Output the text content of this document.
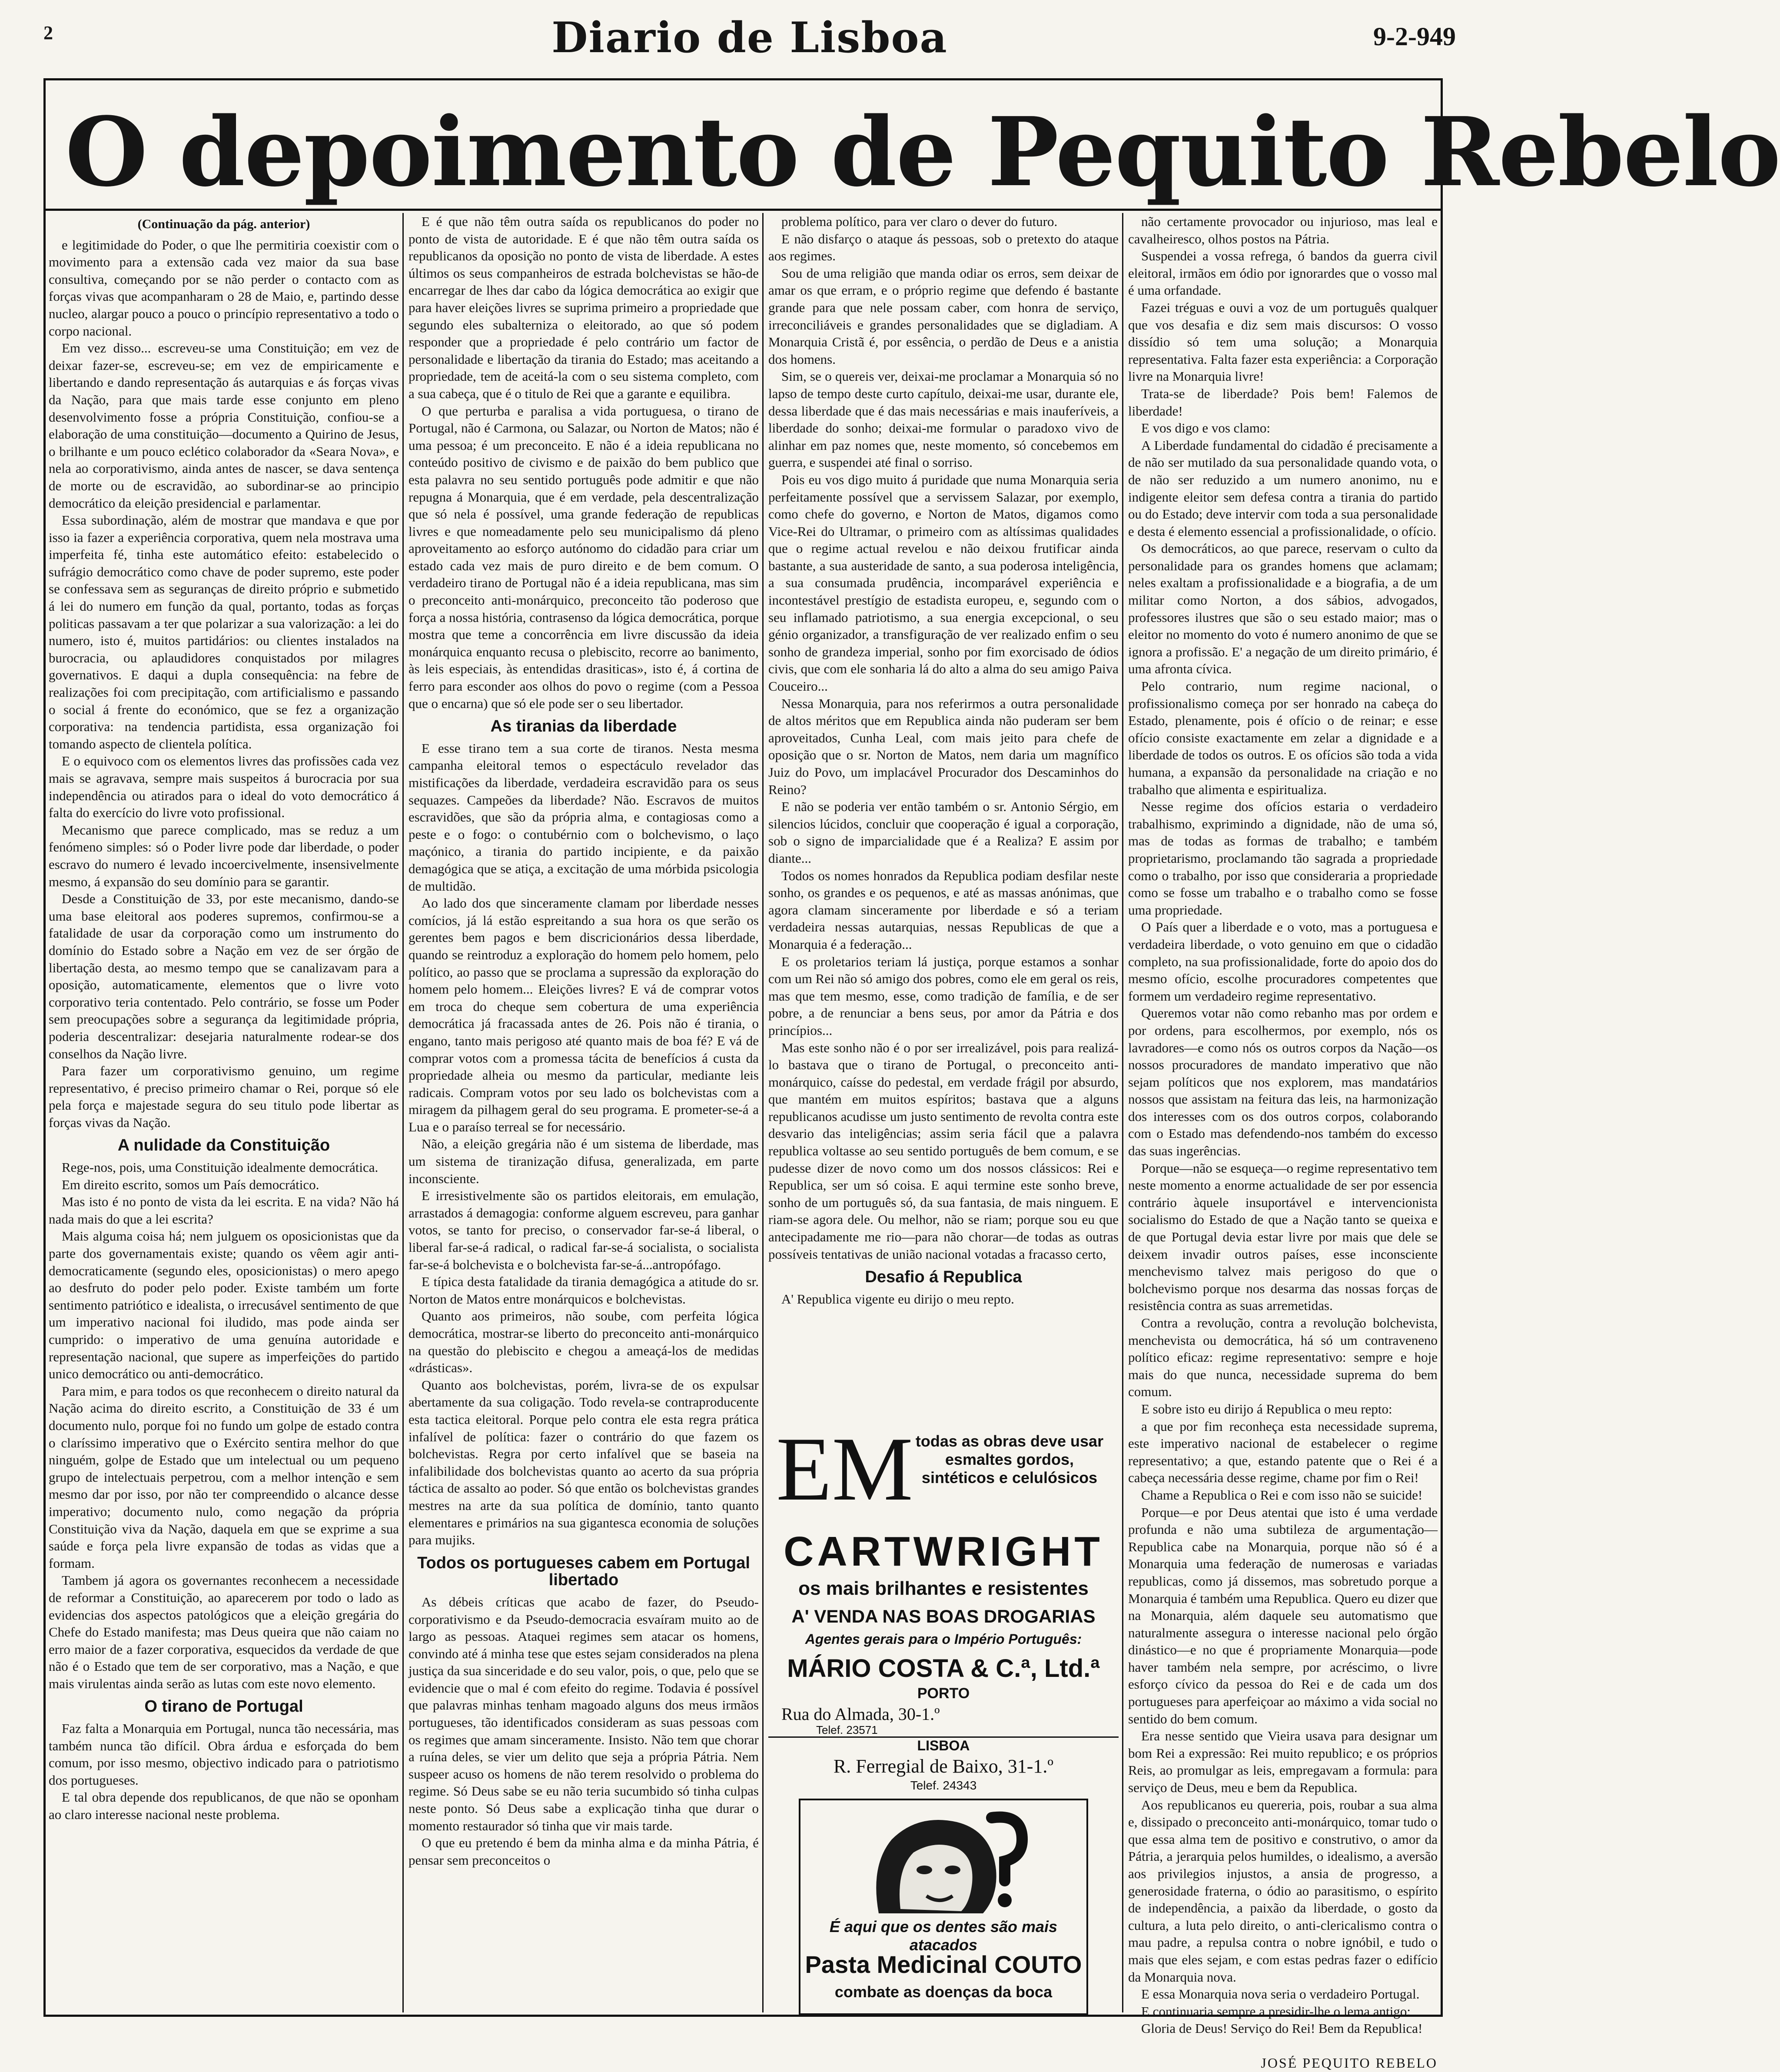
2	Diario de Lisboa	9-2-949
O depoimento de Pequito Rebelo
(Continuação da pág. anterior)

e legitimidade do Poder, o que lhe permitiria coexistir com o movimento para a extensão cada vez maior da sua base consultiva, começando por se não perder o contacto com as forças vivas que acompanharam o 28 de Maio, e, partindo desse nucleo, alargar pouco a pouco o princípio representativo a todo o corpo nacional.

Em vez disso... escreveu-se uma Constituição; em vez de deixar fazer-se, escreveu-se; em vez de empiricamente e libertando e dando representação ás autarquias e ás forças vivas da Nação, para que mais tarde esse conjunto em pleno desenvolvimento fosse a própria Constituição, confiou-se a elaboração de uma constituição—documento a Quirino de Jesus, o brilhante e um pouco eclético colaborador da «Seara Nova», e nela ao corporativismo, ainda antes de nascer, se dava sentença de morte ou de escravidão, ao subordinar-se ao principio democrático da eleição presidencial e parlamentar.

Essa subordinação, além de mostrar que mandava e que por isso ia fazer a experiência corporativa, quem nela mostrava uma imperfeita fé, tinha este automático efeito: estabelecido o sufrágio democrático como chave de poder supremo, este poder se confessava sem as seguranças de direito próprio e submetido á lei do numero em função da qual, portanto, todas as forças politicas passavam a ter que polarizar a sua valorização: a lei do numero, isto é, muitos partidários: ou clientes instalados na burocracia, ou aplaudidores conquistados por milagres governativos. E daqui a dupla consequência: na febre de realizações foi com precipitação, com artificialismo e passando o social á frente do económico, que se fez a organização corporativa: na tendencia partidista, essa organização foi tomando aspecto de clientela política.

E o equivoco com os elementos livres das profissões cada vez mais se agravava, sempre mais suspeitos á burocracia por sua independência ou atirados para o ideal do voto democrático á falta do exercício do livre voto profissional.

Mecanismo que parece complicado, mas se reduz a um fenómeno simples: só o Poder livre pode dar liberdade, o poder escravo do numero é levado incoercivelmente, insensivelmente mesmo, á expansão do seu domínio para se garantir.

Desde a Constituição de 33, por este mecanismo, dando-se uma base eleitoral aos poderes supremos, confirmou-se a fatalidade de usar da corporação como um instrumento do domínio do Estado sobre a Nação em vez de ser órgão de libertação desta, ao mesmo tempo que se canalizavam para a oposição, automaticamente, elementos que o livre voto corporativo teria contentado. Pelo contrário, se fosse um Poder sem preocupações sobre a segurança da legitimidade própria, poderia descentralizar: desejaria naturalmente rodear-se dos conselhos da Nação livre.

Para fazer um corporativismo genuino, um regime representativo, é preciso primeiro chamar o Rei, porque só ele pela força e majestade segura do seu titulo pode libertar as forças vivas da Nação.

A nulidade da Constituição

Rege-nos, pois, uma Constituição idealmente democrática.

Em direito escrito, somos um País democrático.

Mas isto é no ponto de vista da lei escrita. E na vida? Não há nada mais do que a lei escrita?

Mais alguma coisa há; nem julguem os oposicionistas que da parte dos governamentais existe; quando os vêem agir anti-democraticamente (segundo eles, oposicionistas) o mero apego ao desfruto do poder pelo poder. Existe também um forte sentimento patriótico e idealista, o irrecusável sentimento de que um imperativo nacional foi iludido, mas pode ainda ser cumprido: o imperativo de uma genuína autoridade e representação nacional, que supere as imperfeições do partido unico democrático ou anti-democrático.

Para mim, e para todos os que reconhecem o direito natural da Nação acima do direito escrito, a Constituição de 33 é um documento nulo, porque foi no fundo um golpe de estado contra o claríssimo imperativo que o Exército sentira melhor do que ninguém, golpe de Estado que um intelectual ou um pequeno grupo de intelectuais perpetrou, com a melhor intenção e sem mesmo dar por isso, por não ter compreendido o alcance desse imperativo; documento nulo, como negação da própria Constituição viva da Nação, daquela em que se exprime a sua saúde e força pela livre expansão de todas as vidas que a formam.

Tambem já agora os governantes reconhecem a necessidade de reformar a Constituição, ao aparecerem por todo o lado as evidencias dos aspectos patológicos que a eleição gregária do Chefe do Estado manifesta; mas Deus queira que não caiam no erro maior de a fazer corporativa, esquecidos da verdade de que não é o Estado que tem de ser corporativo, mas a Nação, e que mais virulentas ainda serão as lutas com este novo elemento.

O tirano de Portugal

Faz falta a Monarquia em Portugal, nunca tão necessária, mas também nunca tão difícil. Obra árdua e esforçada do bem comum, por isso mesmo, objectivo indicado para o patriotismo dos portugueses.

E tal obra depende dos republicanos, de que não se oponham ao claro interesse nacional neste problema.

E é que não têm outra saída os republicanos do poder no ponto de vista de autoridade. E é que não têm outra saída os republicanos da oposição no ponto de vista de liberdade. A estes últimos os seus companheiros de estrada bolchevistas se hão-de encarregar de lhes dar cabo da lógica democrática ao exigir que para haver eleições livres se suprima primeiro a propriedade que segundo eles subalterniza o eleitorado, ao que só podem responder que a propriedade é pelo contrário um factor de personalidade e libertação da tirania do Estado; mas aceitando a propriedade, tem de aceitá-la com o seu sistema completo, com a sua cabeça, que é o titulo de Rei que a garante e equilibra.

O que perturba e paralisa a vida portuguesa, o tirano de Portugal, não é Carmona, ou Salazar, ou Norton de Matos; não é uma pessoa; é um preconceito. E não é a ideia republicana no conteúdo positivo de civismo e de paixão do bem publico que esta palavra no seu sentido português pode admitir e que não repugna á Monarquia, que é em verdade, pela descentralização que só nela é possível, uma grande federação de republicas livres e que nomeadamente pelo seu municipalismo dá pleno aproveitamento ao esforço autónomo do cidadão para criar um estado cada vez mais de puro direito e de bem comum. O verdadeiro tirano de Portugal não é a ideia republicana, mas sim o preconceito anti-monárquico, preconceito tão poderoso que força a nossa história, contrasenso da lógica democrática, porque mostra que teme a concorrência em livre discussão da ideia monárquica enquanto recusa o plebiscito, recorre ao banimento, às leis especiais, às entendidas drasiticas», isto é, á cortina de ferro para esconder aos olhos do povo o regime (com a Pessoa que o encarna) que só ele pode ser o seu libertador.

As tiranias da liberdade

E esse tirano tem a sua corte de tiranos. Nesta mesma campanha eleitoral temos o espectáculo revelador das mistificações da liberdade, verdadeira escravidão para os seus sequazes. Campeões da liberdade? Não. Escravos de muitos escravidões, que são da própria alma, e contagiosas como a peste e o fogo: o contubérnio com o bolchevismo, o laço maçónico, a tirania do partido incipiente, e da paixão demagógica que se atiça, a excitação de uma mórbida psicologia de multidão.

Ao lado dos que sinceramente clamam por liberdade nesses comícios, já lá estão espreitando a sua hora os que serão os gerentes bem pagos e bem discricionários dessa liberdade, quando se reintroduz a exploração do homem pelo homem, pelo político, ao passo que se proclama a supressão da exploração do homem pelo homem... Eleições livres? E vá de comprar votos em troca do cheque sem cobertura de uma experiência democrática já fracassada antes de 26. Pois não é tirania, o engano, tanto mais perigoso até quanto mais de boa fé? E vá de comprar votos com a promessa tácita de benefícios á custa da propriedade alheia ou mesmo da particular, mediante leis radicais. Compram votos por seu lado os bolchevistas com a miragem da pilhagem geral do seu programa. E prometer-se-á a Lua e o paraíso terreal se for necessário.

Não, a eleição gregária não é um sistema de liberdade, mas um sistema de tiranização difusa, generalizada, em parte inconsciente.

E irresistivelmente são os partidos eleitorais, em emulação, arrastados á demagogia: conforme alguem escreveu, para ganhar votos, se tanto for preciso, o conservador far-se-á liberal, o liberal far-se-á radical, o radical far-se-á socialista, o socialista far-se-á bolchevista e o bolchevista far-se-á...antropófago.

E típica desta fatalidade da tirania demagógica a atitude do sr. Norton de Matos entre monárquicos e bolchevistas.

Quanto aos primeiros, não soube, com perfeita lógica democrática, mostrar-se liberto do preconceito anti-monárquico na questão do plebiscito e chegou a ameaçá-los de medidas «drásticas».

Quanto aos bolchevistas, porém, livra-se de os expulsar abertamente da sua coligação. Todo revela-se contraproducente esta tactica eleitoral. Porque pelo contra ele esta regra prática infalível de política: fazer o contrário do que fazem os bolchevistas. Regra por certo infalível que se baseia na infalibilidade dos bolchevistas quanto ao acerto da sua própria táctica de assalto ao poder. Só que então os bolchevistas grandes mestres na arte da sua política de domínio, tanto quanto elementares e primários na sua gigantesca economia de soluções para mujiks.

Todos os portugueses cabem em Portugal libertado

As débeis críticas que acabo de fazer, do Pseudo-corporativismo e da Pseudo-democracia esvaíram muito ao de largo as pessoas. Ataquei regimes sem atacar os homens, convindo até á minha tese que estes sejam considerados na plena justiça da sua sinceridade e do seu valor, pois, o que, pelo que se evidencie que o mal é com efeito do regime. Todavia é possível que palavras minhas tenham magoado alguns dos meus irmãos portugueses, tão identificados consideram as suas pessoas com os regimes que amam sinceramente. Insisto. Não tem que chorar a ruína deles, se vier um delito que seja a própria Pátria. Nem suspeer acuso os homens de não terem resolvido o problema do regime. Só Deus sabe se eu não teria sucumbido só tinha culpas neste ponto. Só Deus sabe a explicação tinha que durar o momento restaurador só tinha que vir mais tarde.

O que eu pretendo é bem da minha alma e da minha Pátria, é pensar sem preconceitos o

problema político, para ver claro o dever do futuro.

E não disfarço o ataque ás pessoas, sob o pretexto do ataque aos regimes.

Sou de uma religião que manda odiar os erros, sem deixar de amar os que erram, e o próprio regime que defendo é bastante grande para que nele possam caber, com honra de serviço, irreconciliáveis e grandes personalidades que se digladiam. A Monarquia Cristã é, por essência, o perdão de Deus e a anistia dos homens.

Sim, se o quereis ver, deixai-me proclamar a Monarquia só no lapso de tempo deste curto capítulo, deixai-me usar, durante ele, dessa liberdade que é das mais necessárias e mais inauferíveis, a liberdade do sonho; deixai-me formular o paradoxo vivo de alinhar em paz nomes que, neste momento, só concebemos em guerra, e suspendei até final o sorriso.

Pois eu vos digo muito á puridade que numa Monarquia seria perfeitamente possível que a servissem Salazar, por exemplo, como chefe do governo, e Norton de Matos, digamos como Vice-Rei do Ultramar, o primeiro com as altíssimas qualidades que o regime actual revelou e não deixou frutificar ainda bastante, a sua austeridade de santo, a sua poderosa inteligência, a sua consumada prudência, incomparável experiência e incontestável prestígio de estadista europeu, e, segundo com o seu inflamado patriotismo, a sua energia excepcional, o seu génio organizador, a transfiguração de ver realizado enfim o seu sonho de grandeza imperial, sonho por fim exorcisado de ódios civis, que com ele sonharia lá do alto a alma do seu amigo Paiva Couceiro...

Nessa Monarquia, para nos referirmos a outra personalidade de altos méritos que em Republica ainda não puderam ser bem aproveitados, Cunha Leal, com mais jeito para chefe de oposição que o sr. Norton de Matos, nem daria um magnífico Juiz do Povo, um implacável Procurador dos Descaminhos do Reino?

E não se poderia ver então também o sr. Antonio Sérgio, em silencios lúcidos, concluir que cooperação é igual a corporação, sob o signo de imparcialidade que é a Realiza? E assim por diante...

Todos os nomes honrados da Republica podiam desfilar neste sonho, os grandes e os pequenos, e até as massas anónimas, que agora clamam sinceramente por liberdade e só a teriam verdadeira nessas autarquias, nessas Republicas de que a Monarquia é a federação...

E os proletarios teriam lá justiça, porque estamos a sonhar com um Rei não só amigo dos pobres, como ele em geral os reis, mas que tem mesmo, esse, como tradição de família, e de ser pobre, a de renunciar a bens seus, por amor da Pátria e dos princípios...

Mas este sonho não é o por ser irrealizável, pois para realizá-lo bastava que o tirano de Portugal, o preconceito anti-monárquico, caísse do pedestal, em verdade frágil por absurdo, que mantém em muitos espíritos; bastava que a alguns republicanos acudisse um justo sentimento de revolta contra este desvario das inteligências; assim seria fácil que a palavra republica voltasse ao seu sentido português de bem comum, e se pudesse dizer de novo como um dos nossos clássicos: Rei e Republica, ser um só coisa. E aqui termine este sonho breve, sonho de um português só, da sua fantasia, de mais ninguem. E riam-se agora dele. Ou melhor, não se riam; porque sou eu que antecipadamente me rio—para não chorar—de todas as outras possíveis tentativas de união nacional votadas a fracasso certo,

Desafio á Republica

A' Republica vigente eu dirijo o meu repto.

EM todas as obras deve usar esmaltes gordos, sintéticos e celulósicos
CARTWRIGHT
os mais brilhantes e resistentes
A' VENDA NAS BOAS DROGARIAS
Agentes gerais para o Império Português:
MÁRIO COSTA & C.ª, Ltd.ª
PORTO
Rua do Almada, 30-1.º
Telef. 23571
LISBOA
R. Ferregial de Baixo, 31-1.º
Telef. 24343
É aqui que os dentes são mais atacados
Pasta Medicinal COUTO
combate as doenças da boca

não certamente provocador ou injurioso, mas leal e cavalheiresco, olhos postos na Pátria.

Suspendei a vossa refrega, ó bandos da guerra civil eleitoral, irmãos em ódio por ignorardes que o vosso mal é uma orfandade.

Fazei tréguas e ouvi a voz de um português qualquer que vos desafia e diz sem mais discursos: O vosso dissídio só tem uma solução; a Monarquia representativa. Falta fazer esta experiência: a Corporação livre na Monarquia livre!

Trata-se de liberdade? Pois bem! Falemos de liberdade!

E vos digo e vos clamo:

A Liberdade fundamental do cidadão é precisamente a de não ser mutilado da sua personalidade quando vota, o de não ser reduzido a um numero anonimo, nu e indigente eleitor sem defesa contra a tirania do partido ou do Estado; deve intervir com toda a sua personalidade e desta é elemento essencial a profissionalidade, o ofício.

Os democráticos, ao que parece, reservam o culto da personalidade para os grandes homens que aclamam; neles exaltam a profissionalidade e a biografia, a de um militar como Norton, a dos sábios, advogados, professores ilustres que são o seu estado maior; mas o eleitor no momento do voto é numero anonimo de que se ignora a profissão. E' a negação de um direito primário, é uma afronta cívica.

Pelo contrario, num regime nacional, o profissionalismo começa por ser honrado na cabeça do Estado, plenamente, pois é ofício o de reinar; e esse ofício consiste exactamente em zelar a dignidade e a liberdade de todos os outros. E os ofícios são toda a vida humana, a expansão da personalidade na criação e no trabalho que alimenta e espiritualiza.

Nesse regime dos ofícios estaria o verdadeiro trabalhismo, exprimindo a dignidade, não de uma só, mas de todas as formas de trabalho; e também proprietarismo, proclamando tão sagrada a propriedade como o trabalho, por isso que consideraria a propriedade como se fosse um trabalho e o trabalho como se fosse uma propriedade.

O País quer a liberdade e o voto, mas a portuguesa e verdadeira liberdade, o voto genuino em que o cidadão completo, na sua profissionalidade, forte do apoio dos do mesmo ofício, escolhe procuradores competentes que formem um verdadeiro regime representativo.

Queremos votar não como rebanho mas por ordem e por ordens, para escolhermos, por exemplo, nós os lavradores—e como nós os outros corpos da Nação—os nossos procuradores de mandato imperativo que não sejam políticos que nos explorem, mas mandatários nossos que assistam na feitura das leis, na harmonização dos interesses com os dos outros corpos, colaborando com o Estado mas defendendo-nos também do excesso das suas ingerências.

Porque—não se esqueça—o regime representativo tem neste momento a enorme actualidade de ser por essencia contrário àquele insuportável e intervencionista socialismo do Estado de que a Nação tanto se queixa e de que Portugal devia estar livre por mais que dele se deixem invadir outros países, esse inconsciente menchevismo talvez mais perigoso do que o bolchevismo porque nos desarma das nossas forças de resistência contra as suas arremetidas.

Contra a revolução, contra a revolução bolchevista, menchevista ou democrática, há só um contraveneno político eficaz: regime representativo: sempre e hoje mais do que nunca, necessidade suprema do bem comum.

E sobre isto eu dirijo á Republica o meu repto:

a que por fim reconheça esta necessidade suprema, este imperativo nacional de estabelecer o regime representativo; a que, estando patente que o Rei é a cabeça necessária desse regime, chame por fim o Rei!

Chame a Republica o Rei e com isso não se suicide!

Porque—e por Deus atentai que isto é uma verdade profunda e não uma subtileza de argumentação—Republica cabe na Monarquia, porque não só é a Monarquia uma federação de numerosas e variadas republicas, como já dissemos, mas sobretudo porque a Monarquia é também uma Republica. Quero eu dizer que na Monarquia, além daquele seu automatismo que naturalmente assegura o interesse nacional pelo órgão dinástico—e no que é propriamente Monarquia—pode haver também nela sempre, por acréscimo, o livre esforço cívico da pessoa do Rei e de cada um dos portugueses para aperfeiçoar ao máximo a vida social no sentido do bem comum.

Era nesse sentido que Vieira usava para designar um bom Rei a expressão: Rei muito republico; e os próprios Reis, ao promulgar as leis, empregavam a formula: para serviço de Deus, meu e bem da Republica.

Aos republicanos eu quereria, pois, roubar a sua alma e, dissipado o preconceito anti-monárquico, tomar tudo o que essa alma tem de positivo e construtivo, o amor da Pátria, a jerarquia pelos humildes, o idealismo, a aversão aos privilegios injustos, a ansia de progresso, a generosidade fraterna, o ódio ao parasitismo, o espírito de independência, a paixão da liberdade, o gosto da cultura, a luta pelo direito, o anti-clericalismo contra o mau padre, a repulsa contra o nobre ignóbil, e tudo o mais que eles sejam, e com estas pedras fazer o edifício da Monarquia nova.

E essa Monarquia nova seria o verdadeiro Portugal.

E continuaria sempre a presidir-lhe o lema antigo:

Gloria de Deus! Serviço do Rei! Bem da Republica!

JOSÉ PEQUITO REBELO
